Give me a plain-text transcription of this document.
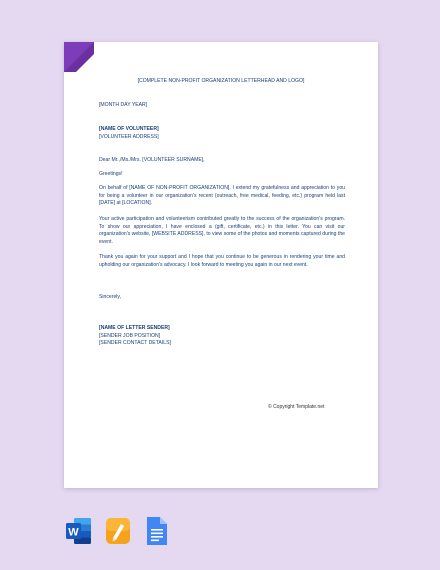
[COMPLETE NON-PROFIT ORGANIZATION LETTERHEAD AND LOGO]
[MONTH DAY YEAR]
[NAME OF VOLUNTEER]
[VOLUNTEER ADDRESS]
Dear Mr.,/Ms./Mrs. [VOLUNTEER SURNAME],
Greetings!
On behalf of [NAME OF NON-PROFIT ORGANIZATION], I extend my gratefulness and appreciation to you for being a volunteer in our organization's recent (outreach, free medical, feeding, etc.) program held last [DATE] at [LOCATION].
Your active participation and volunteerism contributed greatly to the success of the organization's program. To show our appreciation, I have enclosed a (gift, certificate, etc.) in this letter. You can visit our organization's website, [WEBSITE ADDRESS], to view some of the photos and moments captured during the event.
Thank you again for your support and I hope that you continue to be generous in rendering your time and upholding our organization's advocacy. I look forward to meeting you again in our next event.
Sincerely,
[NAME OF LETTER SENDER]
[SENDER JOB POSITION]
[SENDER CONTACT DETAILS]
© Copyright Template.net
W
